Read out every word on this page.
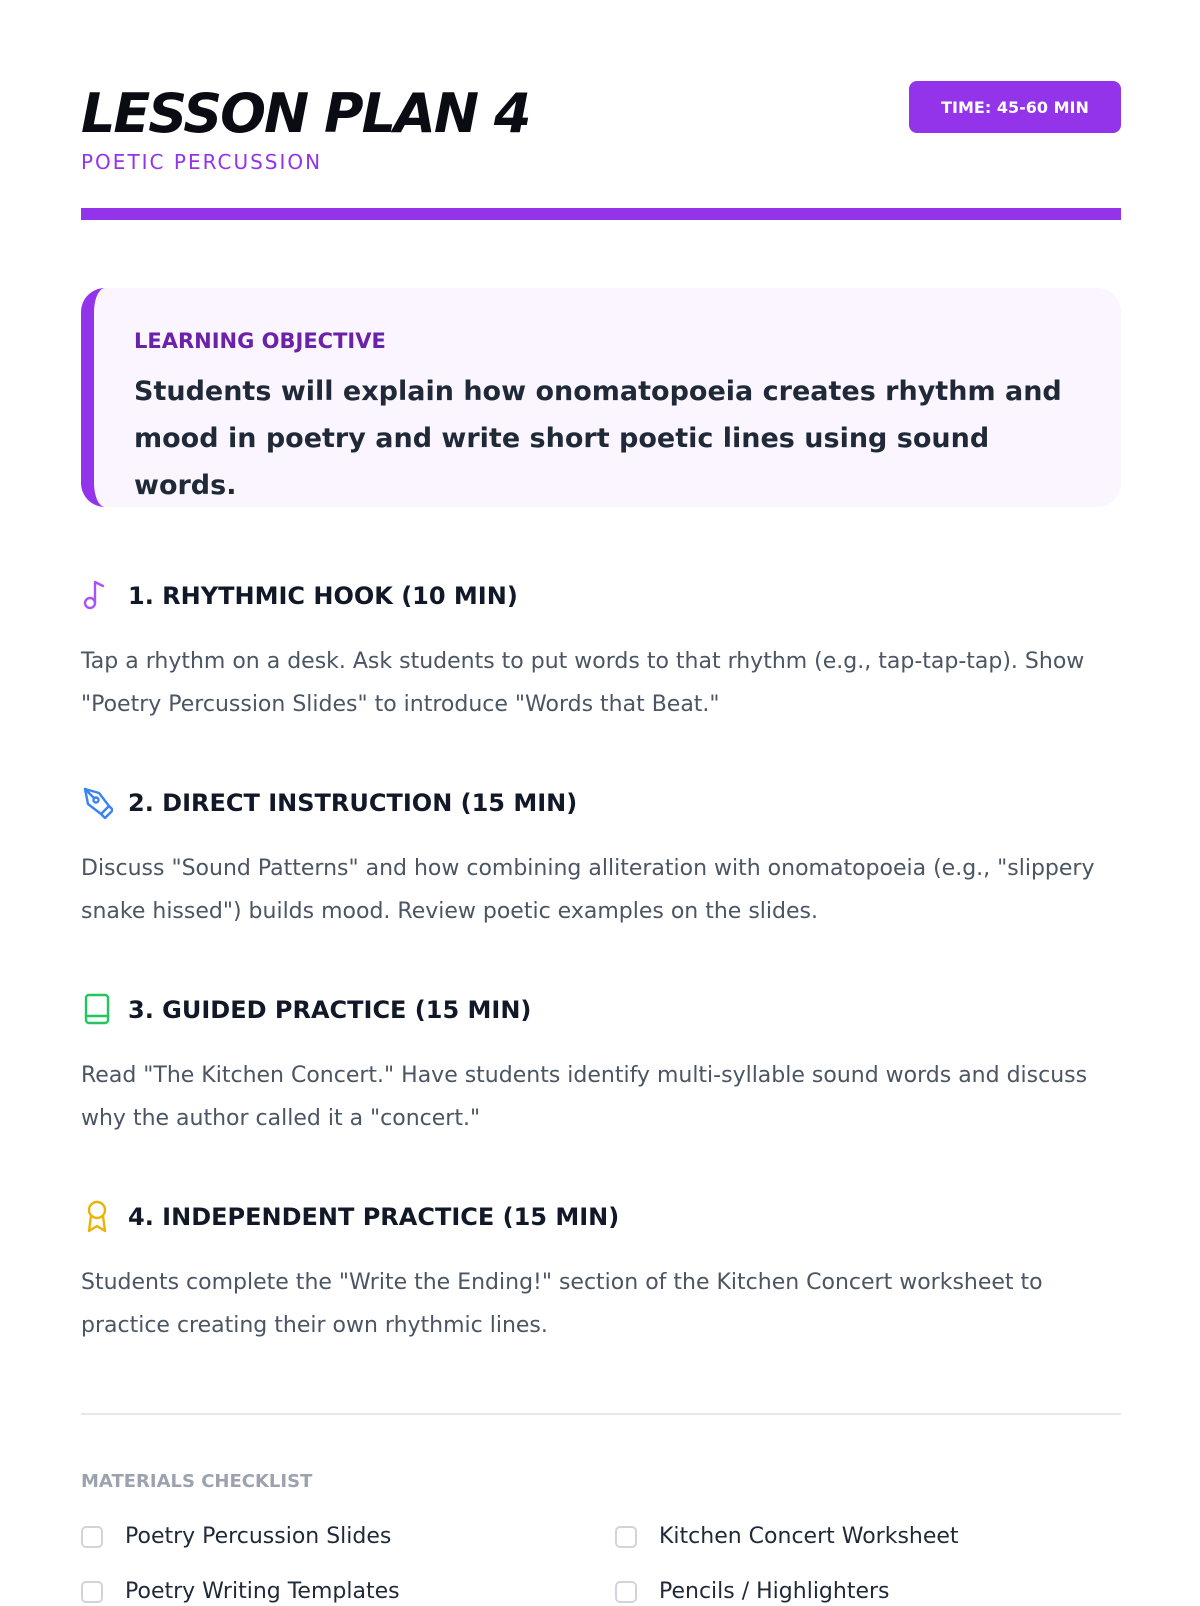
LESSON PLAN 4
POETIC PERCUSSION
TIME: 45-60 MIN
LEARNING OBJECTIVE

Students will explain how onomatopoeia creates rhythm and mood in poetry and write short poetic lines using sound words.

1. RHYTHMIC HOOK (10 MIN)

Tap a rhythm on a desk. Ask students to put words to that rhythm (e.g., tap-tap-tap). Show "Poetry Percussion Slides" to introduce "Words that Beat."

2. DIRECT INSTRUCTION (15 MIN)

Discuss "Sound Patterns" and how combining alliteration with onomatopoeia (e.g., "slippery snake hissed") builds mood. Review poetic examples on the slides.

3. GUIDED PRACTICE (15 MIN)

Read "The Kitchen Concert." Have students identify multi-syllable sound words and discuss why the author called it a "concert."

4. INDEPENDENT PRACTICE (15 MIN)

Students complete the "Write the Ending!" section of the Kitchen Concert worksheet to practice creating their own rhythmic lines.

MATERIALS CHECKLIST
Poetry Percussion Slides	Kitchen Concert Worksheet
Poetry Writing Templates	Pencils / Highlighters
